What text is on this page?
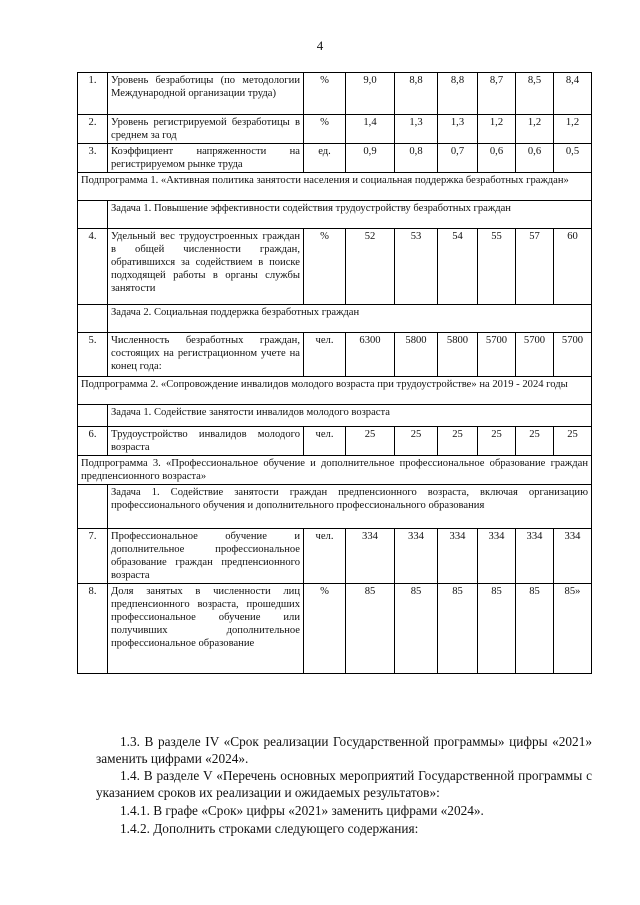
4
1.	Уровень безработицы (по методологии Международной организации труда)	%	9,0	8,8	8,8	8,7	8,5	8,4
2.	Уровень регистрируемой безработицы в среднем за год	%	1,4	1,3	1,3	1,2	1,2	1,2
3.	Коэффициент напряженности на регистрируемом рынке труда	ед.	0,9	0,8	0,7	0,6	0,6	0,5
Подпрограмма 1. «Активная политика занятости населения и социальная поддержка безработных граждан»								
	Задача 1. Повышение эффективности содействия трудоустройству безработных граждан							
4.	Удельный вес трудоустроенных граждан в общей численности граждан, обратившихся за содействием в поиске подходящей работы в органы службы занятости	%	52	53	54	55	57	60
	Задача 2. Социальная поддержка безработных граждан							
5.	Численность безработных граждан, состоящих на регистрационном учете на конец года:	чел.	6300	5800	5800	5700	5700	5700
Подпрограмма 2. «Сопровождение инвалидов молодого возраста при трудоустройстве» на 2019 - 2024 годы								
	Задача 1. Содействие занятости инвалидов молодого возраста							
6.	Трудоустройство инвалидов молодого возраста	чел.	25	25	25	25	25	25
Подпрограмма 3. «Профессиональное обучение и дополнительное профессиональное образование граждан предпенсионного возраста»								
	Задача 1. Содействие занятости граждан предпенсионного возраста, включая организацию профессионального обучения и дополнительного профессионального образования							
7.	Профессиональное обучение и дополнительное профессиональное образование граждан предпенсионного возраста	чел.	334	334	334	334	334	334
8.	Доля занятых в численности лиц предпенсионного возраста, прошедших профессиональное обучение или получивших дополнительное профессиональное образование	%	85	85	85	85	85	85»
1.3. В разделе IV «Срок реализации Государственной программы» цифры «2021» заменить цифрами «2024».
1.4. В разделе V «Перечень основных мероприятий Государственной программы с указанием сроков их реализации и ожидаемых результатов»:
1.4.1. В графе «Срок» цифры «2021» заменить цифрами «2024».
1.4.2. Дополнить строками следующего содержания:
